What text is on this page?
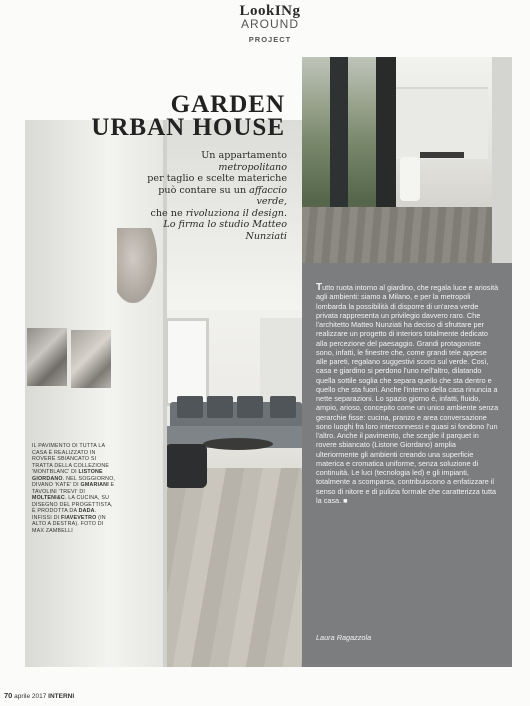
LookINg
AROUND
PROJECT
IL PAVIMENTO DI TUTTA LA CASA È REALIZZATO IN ROVERE SBIANCATO SI TRATTA DELLA COLLEZIONE 'MONTBLANC' DI LISTONE GIORDANO. NEL SOGGIORNO, DIVANO 'KATE' DI GMARIANI E TAVOLINI 'TREVI' DI MOLTENI&C. LA CUCINA, SU DISEGNO DEL PROGETTISTA, È PRODOTTA DA DADA. INFISSI DI FIAVEVETRO (IN ALTO A DESTRA). FOTO DI MAX ZAMBELLI
GARDEN
URBAN HOUSE
Un appartamento metropolitano
per taglio e scelte materiche
può contare su un affaccio verde,
che ne rivoluziona il design.
Lo firma lo studio Matteo Nunziati
Tutto ruota intorno al giardino, che regala luce e ariosità agli ambienti: siamo a Milano, e per la metropoli lombarda la possibilità di disporre di un'area verde privata rappresenta un privilegio davvero raro. Che l'architetto Matteo Nunziati ha deciso di sfruttare per realizzare un progetto di interiors totalmente dedicato alla percezione del paesaggio. Grandi protagoniste sono, infatti, le finestre che, come grandi tele appese alle pareti, regalano suggestivi scorci sul verde. Così, casa e giardino si perdono l'uno nell'altro, dilatando quella sottile soglia che separa quello che sta dentro e quello che sta fuori. Anche l'interno della casa rinuncia a nette separazioni. Lo spazio giorno è, infatti, fluido, ampio, arioso, concepito come un unico ambiente senza gerarchie fisse: cucina, pranzo e area conversazione sono luoghi fra loro interconnessi e quasi si fondono l'un l'altro. Anche il pavimento, che sceglie il parquet in rovere sbiancato (Listone Giordano) amplia ulteriormente gli ambienti creando una superficie materica e cromatica uniforme, senza soluzione di continuità. Le luci (tecnologia led) e gli impianti, totalmente a scomparsa, contribuiscono a enfatizzare il senso di nitore e di pulizia formale che caratterizza tutta la casa. ■
Laura Ragazzola
70 aprile 2017 INTERNI
